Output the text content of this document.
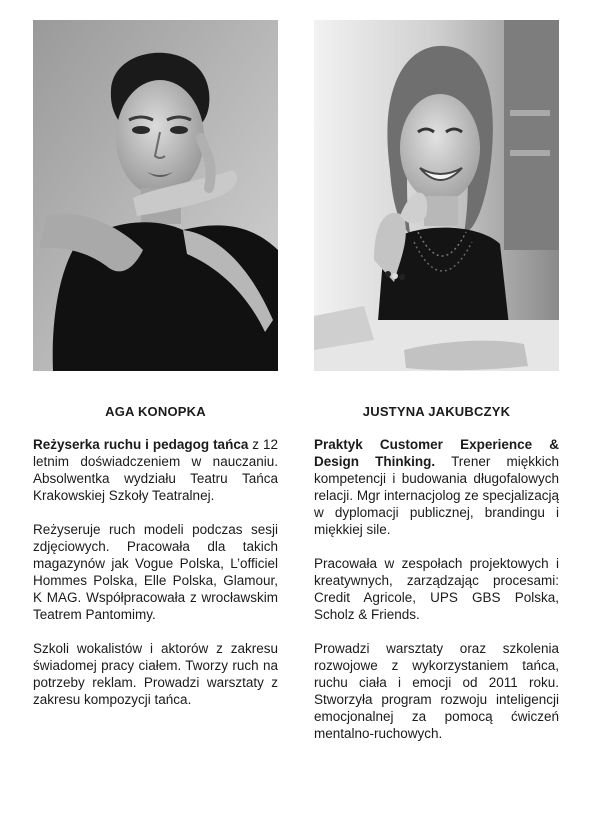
AGA KONOPKA

Reżyserka ruchu i pedagog tańca z 12 letnim doświadczeniem w nauczaniu. Absolwentka wydziału Teatru Tańca Krakowskiej Szkoły Teatralnej.

Reżyseruje ruch modeli podczas sesji zdjęciowych. Pracowała dla takich magazynów jak Vogue Polska, L’officiel Hommes Polska, Elle Polska, Glamour, K MAG. Współpracowała z wrocławskim Teatrem Pantomimy.

Szkoli wokalistów i aktorów z zakresu świadomej pracy ciałem. Tworzy ruch na potrzeby reklam. Prowadzi warsztaty z zakresu kompozycji tańca.

JUSTYNA JAKUBCZYK

Praktyk Customer Experience & Design Thinking. Trener miękkich kompetencji i budowania długofalowych relacji. Mgr internacjolog ze specjalizacją w dyplomacji publicznej, brandingu i miękkiej sile.

Pracowała w zespołach projektowych i kreatywnych, zarządzając procesami: Credit Agricole, UPS GBS Polska, Scholz & Friends.

Prowadzi warsztaty oraz szkolenia rozwojowe z wykorzystaniem tańca, ruchu ciała i emocji od 2011 roku. Stworzyła program rozwoju inteligencji emocjonalnej za pomocą ćwiczeń mentalno-ruchowych.
